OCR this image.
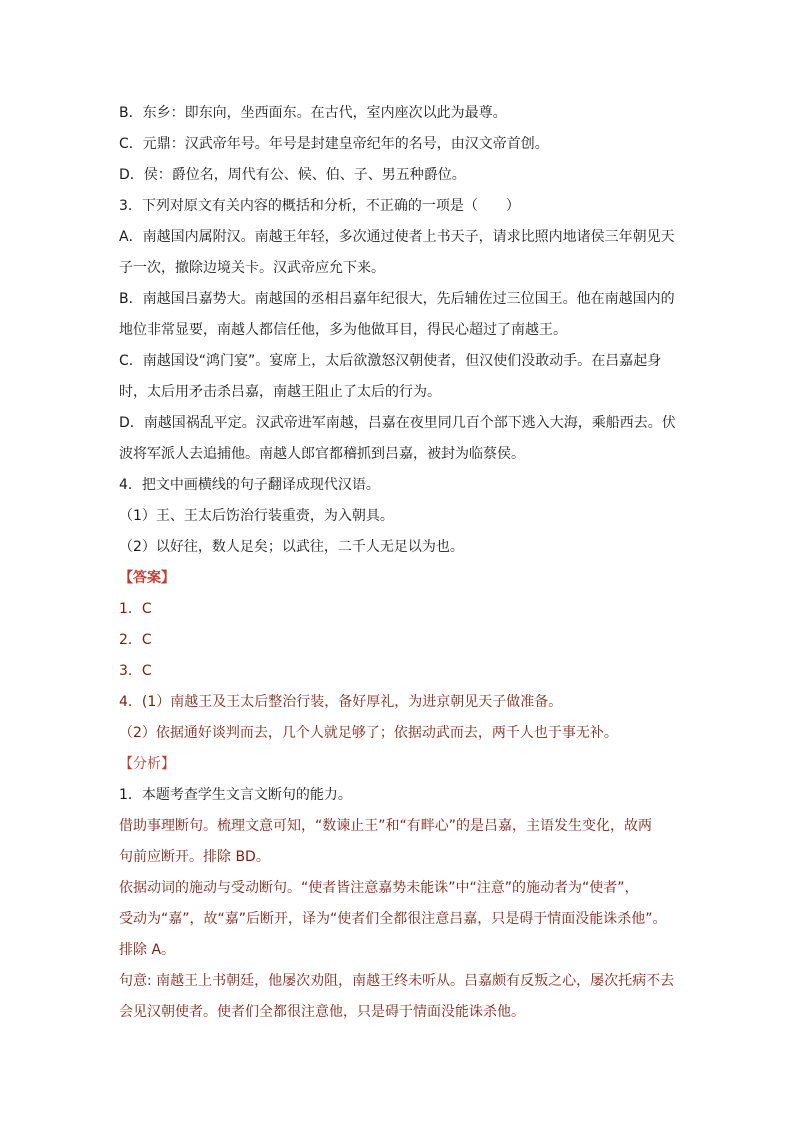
B．东乡：即东向，坐西面东。在古代，室内座次以此为最尊。
C．元鼎：汉武帝年号。年号是封建皇帝纪年的名号，由汉文帝首创。
D．侯：爵位名，周代有公、候、伯、子、男五种爵位。
3．下列对原文有关内容的概括和分析，不正确的一项是（　　）
A．南越国内属附汉。南越王年轻，多次通过使者上书天子，请求比照内地诸侯三年朝见天
子一次，撤除边境关卡。汉武帝应允下来。
B．南越国吕嘉势大。南越国的丞相吕嘉年纪很大，先后辅佐过三位国王。他在南越国内的
地位非常显要，南越人都信任他，多为他做耳目，得民心超过了南越王。
C．南越国设“鸿门宴”。宴席上，太后欲激怒汉朝使者，但汉使们没敢动手。在吕嘉起身
时，太后用矛击杀吕嘉，南越王阻止了太后的行为。
D．南越国祸乱平定。汉武帝进军南越，吕嘉在夜里同几百个部下逃入大海，乘船西去。伏
波将军派人去追捕他。南越人郎官都稽抓到吕嘉，被封为临蔡侯。
4．把文中画横线的句子翻译成现代汉语。
（1）王、王太后饬治行装重赍，为入朝具。
（2）以好往，数人足矣；以武往，二千人无足以为也。
【答案】
1．C
2．C
3．C
4．(1）南越王及王太后整治行装，备好厚礼，为进京朝见天子做准备。
（2）依据通好谈判而去，几个人就足够了；依据动武而去，两千人也于事无补。
【分析】
1．本题考查学生文言文断句的能力。
借助事理断句。梳理文意可知，“数谏止王”和“有畔心”的是吕嘉，主语发生变化，故两
句前应断开。排除 BD。
依据动词的施动与受动断句。“使者皆注意嘉势未能诛”中“注意”的施动者为“使者”，
受动为“嘉”，故“嘉”后断开，译为“使者们全都很注意吕嘉，只是碍于情面没能诛杀他”。
排除 A。
句意: 南越王上书朝廷，他屡次劝阻，南越王终未听从。吕嘉颇有反叛之心，屡次托病不去
会见汉朝使者。使者们全都很注意他，只是碍于情面没能诛杀他。
